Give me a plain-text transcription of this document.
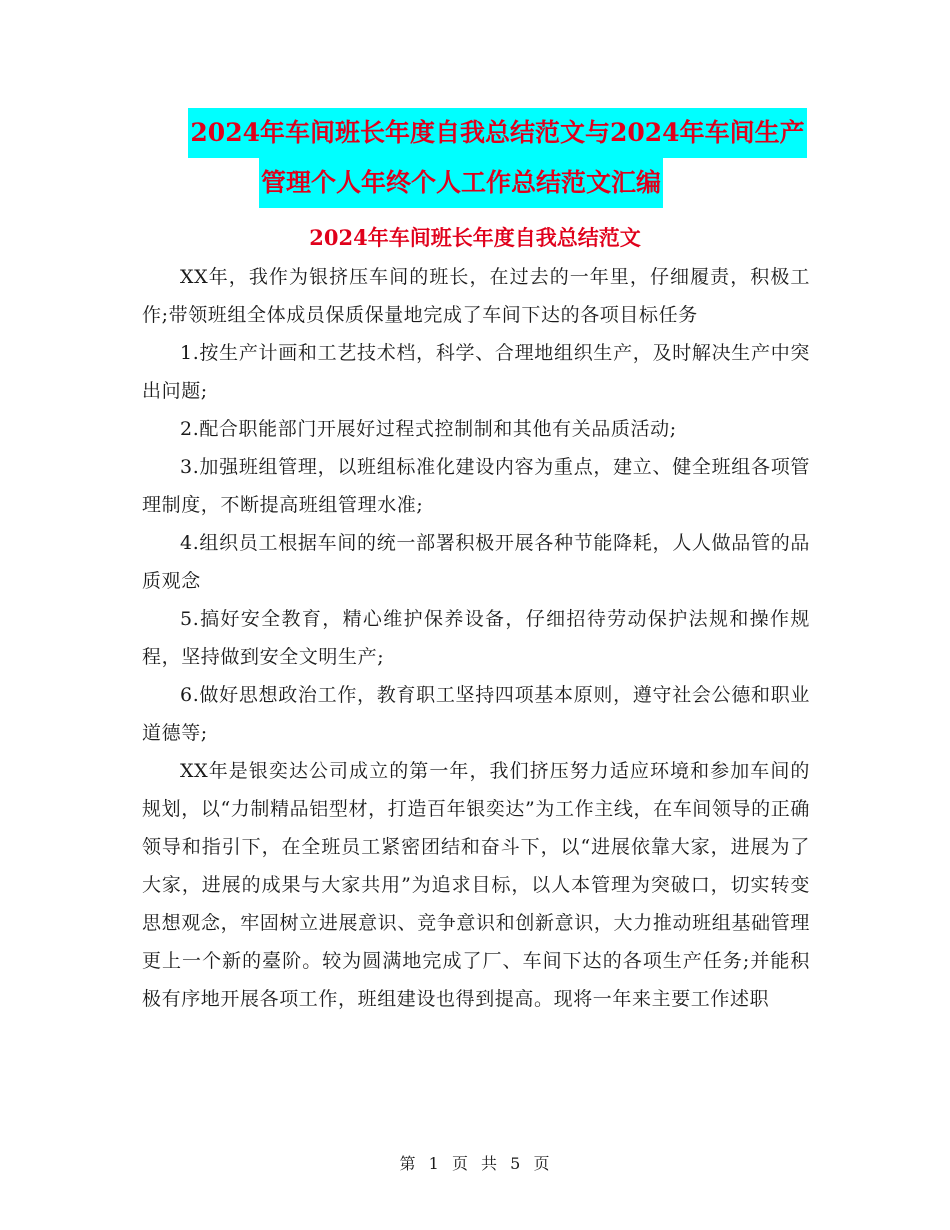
2024年车间班长年度自我总结范文与2024年车间生产
管理个人年终个人工作总结范文汇编
2024年车间班长年度自我总结范文

XX年，我作为银挤压车间的班长，在过去的一年里，仔细履责，积极工作;带领班组全体成员保质保量地完成了车间下达的各项目标任务

1.按生产计画和工艺技术档，科学、合理地组织生产，及时解决生产中突出问题;

2.配合职能部门开展好过程式控制制和其他有关品质活动;

3.加强班组管理，以班组标准化建设内容为重点，建立、健全班组各项管理制度，不断提高班组管理水准;

4.组织员工根据车间的统一部署积极开展各种节能降耗，人人做品管的品质观念

5.搞好安全教育，精心维护保养设备，仔细招待劳动保护法规和操作规程，坚持做到安全文明生产;

6.做好思想政治工作，教育职工坚持四项基本原则，遵守社会公德和职业道德等;

XX年是银奕达公司成立的第一年，我们挤压努力适应环境和参加车间的规划，以“力制精品铝型材，打造百年银奕达”为工作主线，在车间领导的正确领导和指引下，在全班员工紧密团结和奋斗下，以“进展依靠大家，进展为了大家，进展的成果与大家共用”为追求目标，以人本管理为突破口，切实转变思想观念，牢固树立进展意识、竞争意识和创新意识，大力推动班组基础管理更上一个新的臺阶。较为圆满地完成了厂、车间下达的各项生产任务;并能积极有序地开展各项工作，班组建设也得到提高。现将一年来主要工作述职

第 1 页 共 5 页
